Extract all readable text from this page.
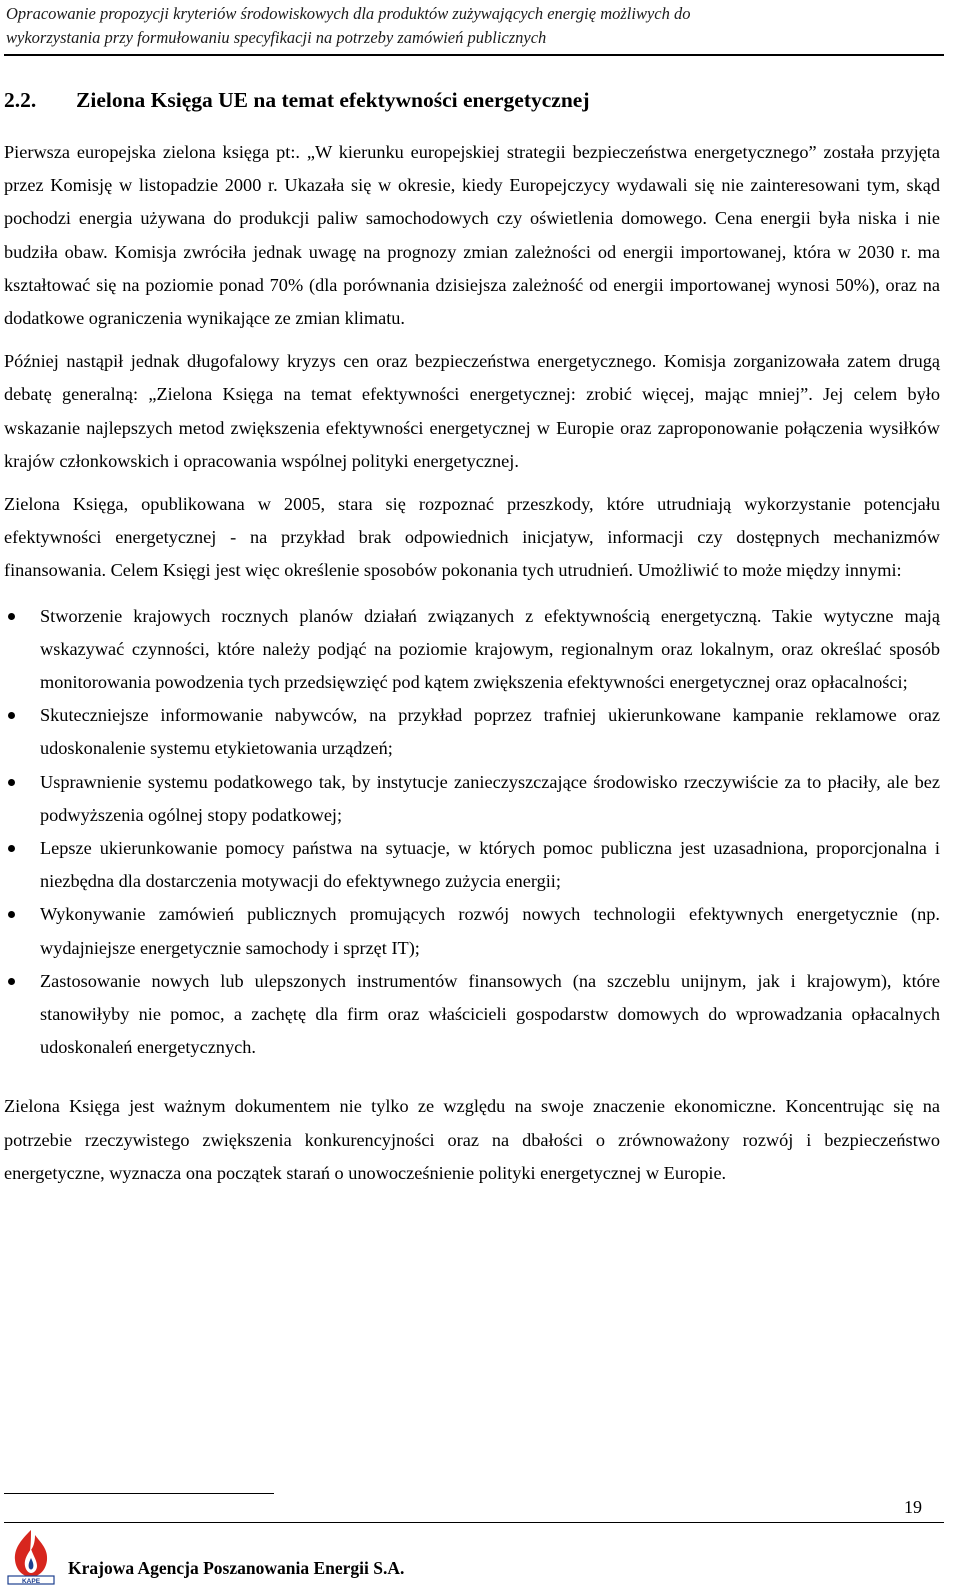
Opracowanie propozycji kryteriów środowiskowych dla produktów zużywających energię możliwych do

wykorzystania przy formułowaniu specyfikacji na potrzeby zamówień publicznych

2.2. Zielona Księga UE na temat efektywności energetycznej

Pierwsza europejska zielona księga pt:. „W kierunku europejskiej strategii bezpieczeństwa energetycznego” została przyjęta przez Komisję w listopadzie 2000 r. Ukazała się w okresie, kiedy Europejczycy wydawali się nie zainteresowani tym, skąd pochodzi energia używana do produkcji paliw samochodowych czy oświetlenia domowego. Cena energii była niska i nie budziła obaw. Komisja zwróciła jednak uwagę na prognozy zmian zależności od energii importowanej, która w 2030 r. ma kształtować się na poziomie ponad 70% (dla porównania dzisiejsza zależność od energii importowanej wynosi 50%), oraz na dodatkowe ograniczenia wynikające ze zmian klimatu.

Później nastąpił jednak długofalowy kryzys cen oraz bezpieczeństwa energetycznego. Komisja zorganizowała zatem drugą debatę generalną: „Zielona Księga na temat efektywności energetycznej: zrobić więcej, mając mniej”. Jej celem było wskazanie najlepszych metod zwiększenia efektywności energetycznej w Europie oraz zaproponowanie połączenia wysiłków krajów członkowskich i opracowania wspólnej polityki energetycznej.

Zielona Księga, opublikowana w 2005, stara się rozpoznać przeszkody, które utrudniają wykorzystanie potencjału efektywności energetycznej - na przykład brak odpowiednich inicjatyw, informacji czy dostępnych mechanizmów finansowania. Celem Księgi jest więc określenie sposobów pokonania tych utrudnień. Umożliwić to może między innymi:

Stworzenie krajowych rocznych planów działań związanych z efektywnością energetyczną. Takie wytyczne mają wskazywać czynności, które należy podjąć na poziomie krajowym, regionalnym oraz lokalnym, oraz określać sposób monitorowania powodzenia tych przedsięwzięć pod kątem zwiększenia efektywności energetycznej oraz opłacalności;
Skuteczniejsze informowanie nabywców, na przykład poprzez trafniej ukierunkowane kampanie reklamowe oraz udoskonalenie systemu etykietowania urządzeń;
Usprawnienie systemu podatkowego tak, by instytucje zanieczyszczające środowisko rzeczywiście za to płaciły, ale bez podwyższenia ogólnej stopy podatkowej;
Lepsze ukierunkowanie pomocy państwa na sytuacje, w których pomoc publiczna jest uzasadniona, proporcjonalna i niezbędna dla dostarczenia motywacji do efektywnego zużycia energii;
Wykonywanie zamówień publicznych promujących rozwój nowych technologii efektywnych energetycznie (np. wydajniejsze energetycznie samochody i sprzęt IT);
Zastosowanie nowych lub ulepszonych instrumentów finansowych (na szczeblu unijnym, jak i krajowym), które stanowiłyby nie pomoc, a zachętę dla firm oraz właścicieli gospodarstw domowych do wprowadzania opłacalnych udoskonaleń energetycznych.

Zielona Księga jest ważnym dokumentem nie tylko ze względu na swoje znaczenie ekonomiczne. Koncentrując się na potrzebie rzeczywistego zwiększenia konkurencyjności oraz na dbałości o zrównoważony rozwój i bezpieczeństwo energetyczne, wyznacza ona początek starań o unowocześnienie polityki energetycznej w Europie.

19
KAPE
Krajowa Agencja Poszanowania Energii S.A.
